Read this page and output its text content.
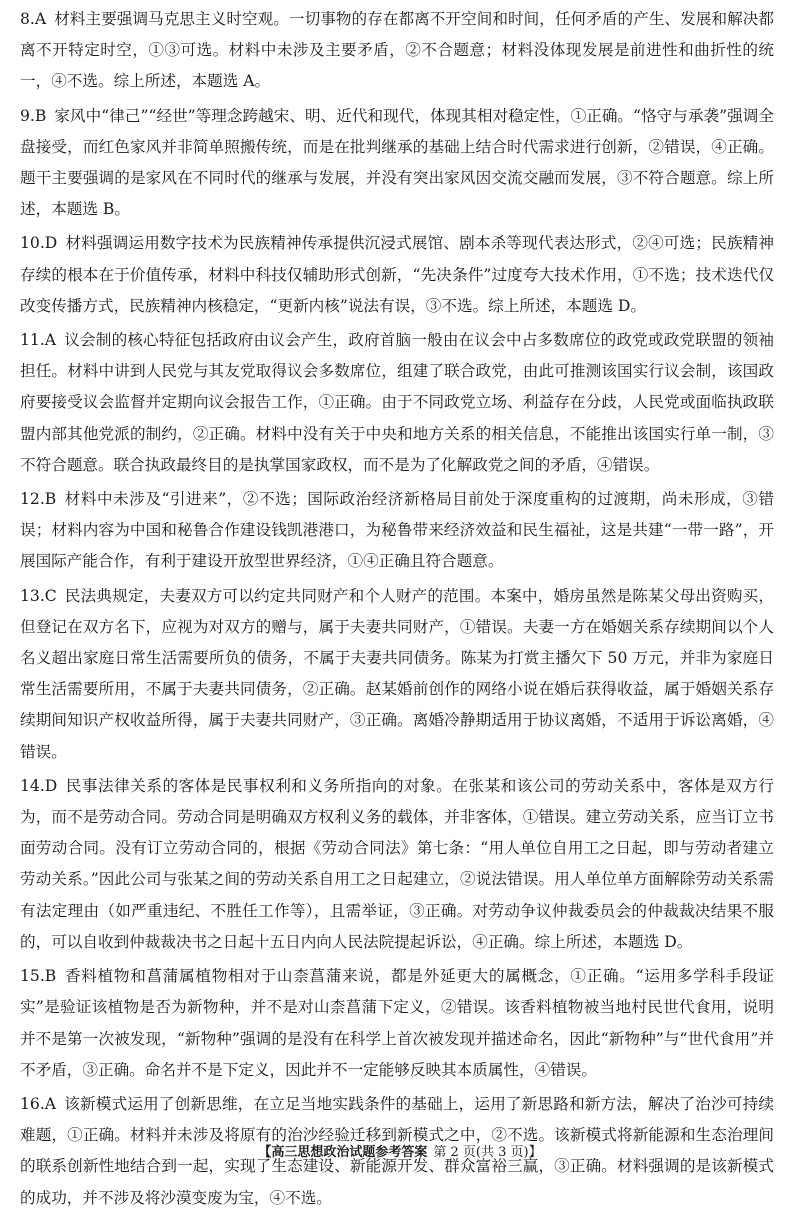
8.A 材料主要强调马克思主义时空观。一切事物的存在都离不开空间和时间，任何矛盾的产生、发展和解决都离不开特定时空，①③可选。材料中未涉及主要矛盾，②不合题意；材料没体现发展是前进性和曲折性的统一，④不选。综上所述，本题选 A。

9.B 家风中“律己”“经世”等理念跨越宋、明、近代和现代，体现其相对稳定性，①正确。“恪守与承袭”强调全盘接受，而红色家风并非简单照搬传统，而是在批判继承的基础上结合时代需求进行创新，②错误，④正确。题干主要强调的是家风在不同时代的继承与发展，并没有突出家风因交流交融而发展，③不符合题意。综上所述，本题选 B。

10.D 材料强调运用数字技术为民族精神传承提供沉浸式展馆、剧本杀等现代表达形式，②④可选；民族精神存续的根本在于价值传承，材料中科技仅辅助形式创新，“先决条件”过度夸大技术作用，①不选；技术迭代仅改变传播方式，民族精神内核稳定，“更新内核”说法有误，③不选。综上所述，本题选 D。

11.A 议会制的核心特征包括政府由议会产生，政府首脑一般由在议会中占多数席位的政党或政党联盟的领袖担任。材料中讲到人民党与其友党取得议会多数席位，组建了联合政党，由此可推测该国实行议会制，该国政府要接受议会监督并定期向议会报告工作，①正确。由于不同政党立场、利益存在分歧，人民党或面临执政联盟内部其他党派的制约，②正确。材料中没有关于中央和地方关系的相关信息，不能推出该国实行单一制，③不符合题意。联合执政最终目的是执掌国家政权，而不是为了化解政党之间的矛盾，④错误。

12.B 材料中未涉及“引进来”，②不选；国际政治经济新格局目前处于深度重构的过渡期，尚未形成，③错误；材料内容为中国和秘鲁合作建设钱凯港港口，为秘鲁带来经济效益和民生福祉，这是共建“一带一路”，开展国际产能合作，有利于建设开放型世界经济，①④正确且符合题意。

13.C 民法典规定，夫妻双方可以约定共同财产和个人财产的范围。本案中，婚房虽然是陈某父母出资购买，但登记在双方名下，应视为对双方的赠与，属于夫妻共同财产，①错误。夫妻一方在婚姻关系存续期间以个人名义超出家庭日常生活需要所负的债务，不属于夫妻共同债务。陈某为打赏主播欠下 50 万元，并非为家庭日常生活需要所用，不属于夫妻共同债务，②正确。赵某婚前创作的网络小说在婚后获得收益，属于婚姻关系存续期间知识产权收益所得，属于夫妻共同财产，③正确。离婚冷静期适用于协议离婚，不适用于诉讼离婚，④错误。

14.D 民事法律关系的客体是民事权利和义务所指向的对象。在张某和该公司的劳动关系中，客体是双方行为，而不是劳动合同。劳动合同是明确双方权利义务的载体，并非客体，①错误。建立劳动关系，应当订立书面劳动合同。没有订立劳动合同的，根据《劳动合同法》第七条：“用人单位自用工之日起，即与劳动者建立劳动关系。”因此公司与张某之间的劳动关系自用工之日起建立，②说法错误。用人单位单方面解除劳动关系需有法定理由（如严重违纪、不胜任工作等），且需举证，③正确。对劳动争议仲裁委员会的仲裁裁决结果不服的，可以自收到仲裁裁决书之日起十五日内向人民法院提起诉讼，④正确。综上所述，本题选 D。

15.B 香料植物和菖蒲属植物相对于山柰菖蒲来说，都是外延更大的属概念，①正确。“运用多学科手段证实”是验证该植物是否为新物种，并不是对山柰菖蒲下定义，②错误。该香料植物被当地村民世代食用，说明并不是第一次被发现，“新物种”强调的是没有在科学上首次被发现并描述命名，因此“新物种”与“世代食用”并不矛盾，③正确。命名并不是下定义，因此并不一定能够反映其本质属性，④错误。

16.A 该新模式运用了创新思维，在立足当地实践条件的基础上，运用了新思路和新方法，解决了治沙可持续难题，①正确。材料并未涉及将原有的治沙经验迁移到新模式之中，②不选。该新模式将新能源和生态治理间的联系创新性地结合到一起，实现了生态建设、新能源开发、群众富裕三赢，③正确。材料强调的是该新模式的成功，并不涉及将沙漠变废为宝，④不选。

【高三思想政治试题参考答案 第 2 页(共 3 页)】
